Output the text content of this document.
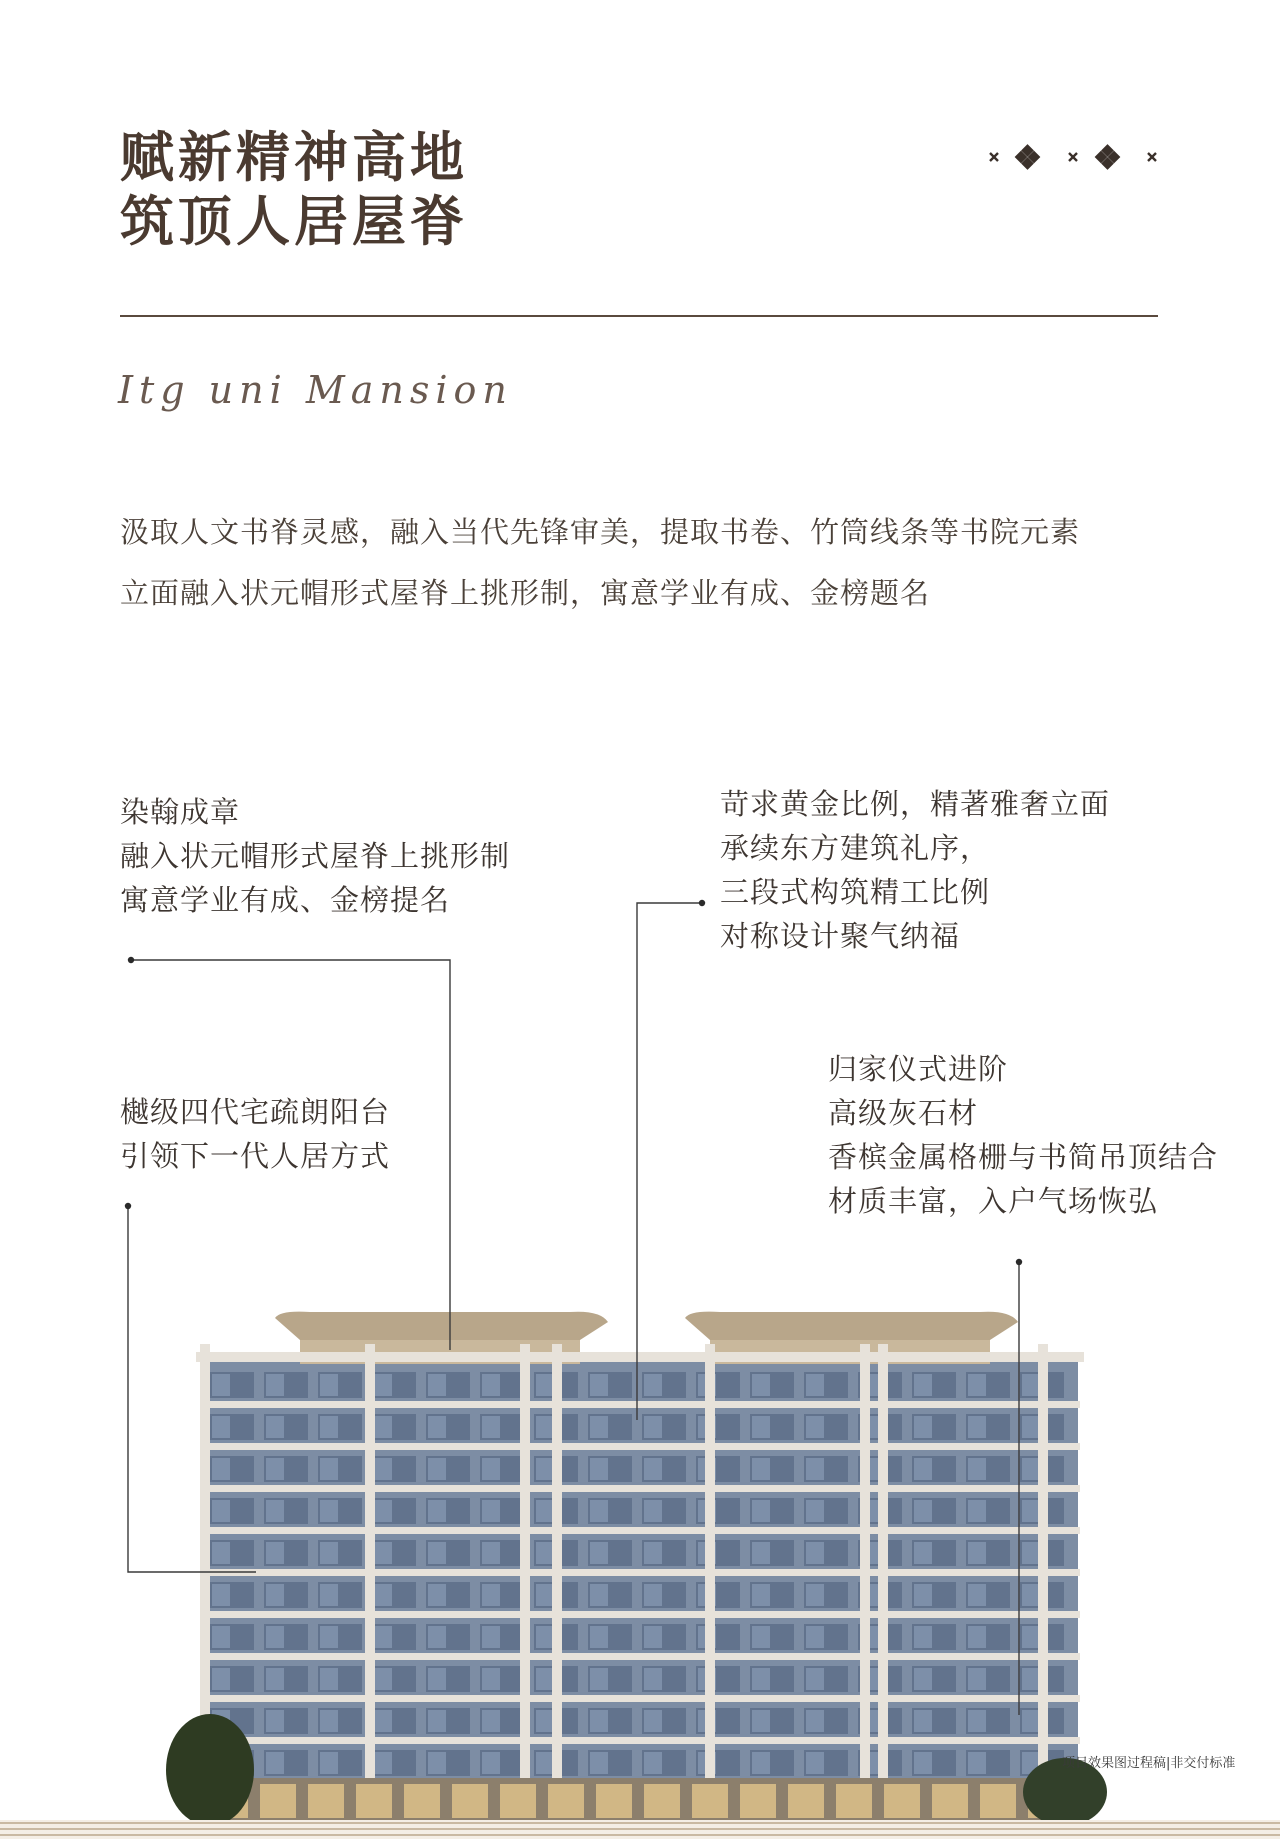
赋新精神高地
筑顶人居屋脊
Itg uni Mansion
汲取人文书脊灵感，融入当代先锋审美，提取书卷、竹筒线条等书院元素
立面融入状元帽形式屋脊上挑形制，寓意学业有成、金榜题名
染翰成章
融入状元帽形式屋脊上挑形制
寓意学业有成、金榜提名
苛求黄金比例，精著雅奢立面
承续东方建筑礼序，
三段式构筑精工比例
对称设计聚气纳福
樾级四代宅疏朗阳台
引领下一代人居方式
归家仪式进阶
高级灰石材
香槟金属格栅与书简吊顶结合
材质丰富，入户气场恢弘
项目效果图过程稿|非交付标准
